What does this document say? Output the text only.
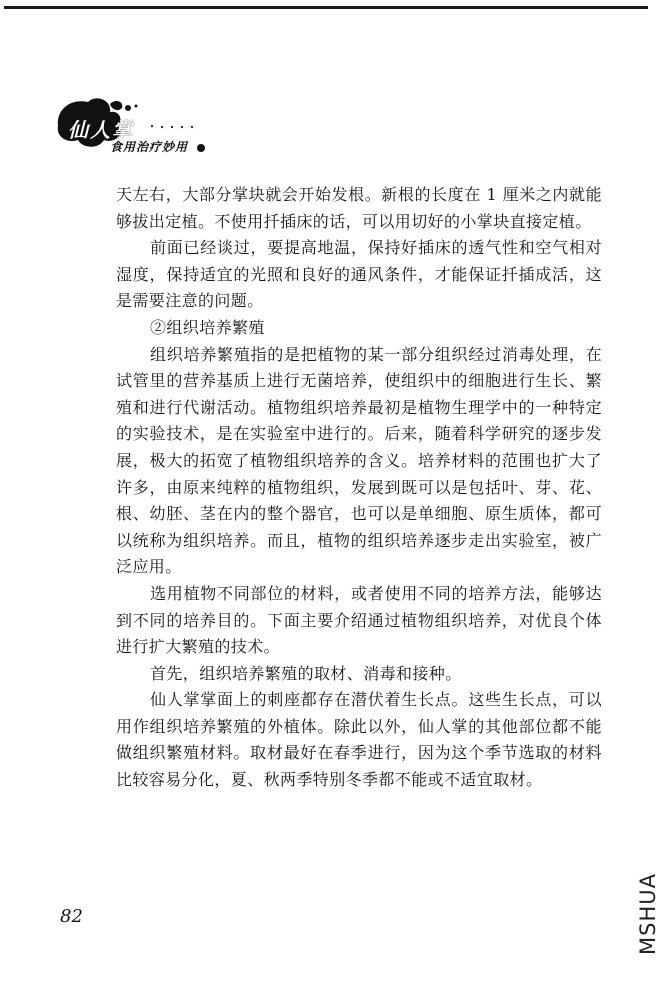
仙人掌
食用治疗妙用

天左右，大部分掌块就会开始发根。新根的长度在 1 厘米之内就能够拔出定植。不使用扦插床的话，可以用切好的小掌块直接定植。

前面已经谈过，要提高地温，保持好插床的透气性和空气相对湿度，保持适宜的光照和良好的通风条件，才能保证扦插成活，这是需要注意的问题。

②组织培养繁殖

组织培养繁殖指的是把植物的某一部分组织经过消毒处理，在试管里的营养基质上进行无菌培养，使组织中的细胞进行生长、繁殖和进行代谢活动。植物组织培养最初是植物生理学中的一种特定的实验技术，是在实验室中进行的。后来，随着科学研究的逐步发展，极大的拓宽了植物组织培养的含义。培养材料的范围也扩大了许多，由原来纯粹的植物组织，发展到既可以是包括叶、芽、花、根、幼胚、茎在内的整个器官，也可以是单细胞、原生质体，都可以统称为组织培养。而且，植物的组织培养逐步走出实验室，被广泛应用。

选用植物不同部位的材料，或者使用不同的培养方法，能够达到不同的培养目的。下面主要介绍通过植物组织培养，对优良个体进行扩大繁殖的技术。

首先，组织培养繁殖的取材、消毒和接种。

仙人掌掌面上的刺座都存在潜伏着生长点。这些生长点，可以用作组织培养繁殖的外植体。除此以外，仙人掌的其他部位都不能做组织繁殖材料。取材最好在春季进行，因为这个季节选取的材料比较容易分化，夏、秋两季特别冬季都不能或不适宜取材。

82	MSHUA
